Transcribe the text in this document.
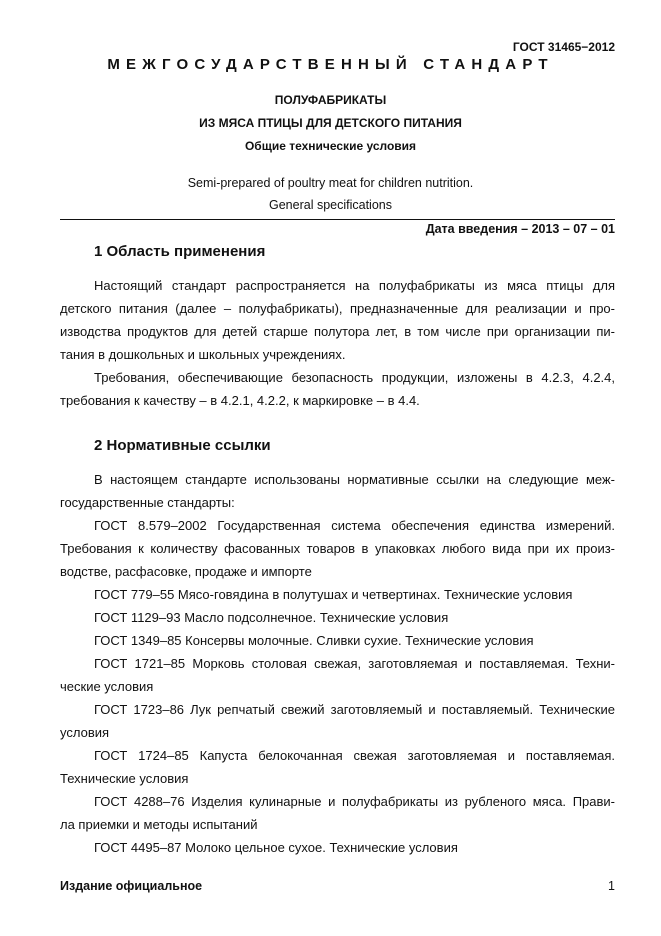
ГОСТ 31465−2012
МЕЖГОСУДАРСТВЕННЫЙ СТАНДАРТ
ПОЛУФАБРИКАТЫ
ИЗ МЯСА ПТИЦЫ ДЛЯ ДЕТСКОГО ПИТАНИЯ
Общие технические условия
Semi-prepared of poultry meat for children nutrition.
General specifications
Дата введения – 2013 – 07 – 01
1 Область применения
Настоящий стандарт распространяется на полуфабрикаты из мяса птицы для
детского питания (далее – полуфабрикаты), предназначенные для реализации и про-
изводства продуктов для детей старше полутора лет, в том числе при организации пи-
тания в дошкольных и школьных учреждениях.
Требования, обеспечивающие безопасность продукции, изложены в 4.2.3, 4.2.4,
требования к качеству – в 4.2.1, 4.2.2, к маркировке – в 4.4.
2 Нормативные ссылки
В настоящем стандарте использованы нормативные ссылки на следующие меж-
государственные стандарты:
ГОСТ 8.579–2002 Государственная система обеспечения единства измерений.
Требования к количеству фасованных товаров в упаковках любого вида при их произ-
водстве, расфасовке, продаже и импорте
ГОСТ 779–55 Мясо-говядина в полутушах и четвертинах. Технические условия
ГОСТ 1129–93 Масло подсолнечное. Технические условия
ГОСТ 1349–85 Консервы молочные. Сливки сухие. Технические условия
ГОСТ 1721–85 Морковь столовая свежая, заготовляемая и поставляемая. Техни-
ческие условия
ГОСТ 1723–86 Лук репчатый свежий заготовляемый и поставляемый. Технические
условия
ГОСТ 1724–85 Капуста белокочанная свежая заготовляемая и поставляемая.
Технические условия
ГОСТ 4288–76 Изделия кулинарные и полуфабрикаты из рубленого мяса. Прави-
ла приемки и методы испытаний
ГОСТ 4495–87 Молоко цельное сухое. Технические условия
Издание официальное	1
